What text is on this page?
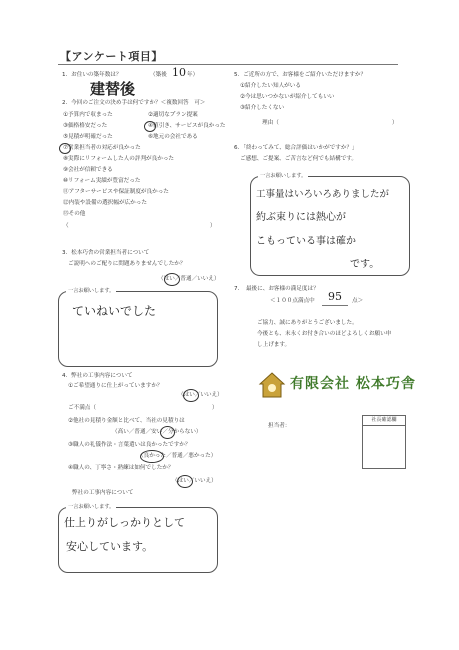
【アンケート項目】
1．お住いの築年数は？	（築後 10 年）
建替後
2．今回のご注文の決め手は何ですか？＜複数回答　可＞
①予算内で収まった	②適切なプラン提案
③価格格安だった	④値引き、サービスが良かった
⑤見積が明確だった	⑥地元の会社である
⑦営業担当者の対応が良かった
⑧実際にリフォームした人の評判が良かった
⑨会社が信頼できる
⑩リフォーム実績が豊富だった
⑪アフターサービスや保証制度が良かった
⑫内装や設備の選択幅が広かった
⑬その他
（	）
3．松本巧舎の営業担当者について
ご説明へのご配りに問題ありませんでしたか？
（はい／普通／いいえ）
一言お願いします。
ていねいでした
4．弊社の工事内容について
①ご希望通りに仕上がっていますか？
（はい／いいえ）
ご不満点（	）
②他社の見積り金額と比べて、当社の見積りは
（高い／普通／安い／分からない）
③職人の礼儀作法・言葉遣いは良かったですか？
（良かった／普通／悪かった）
④職人の、丁寧さ・熟練は如何でしたか？
（はい／いいえ）
弊社の工事内容について
一言お願いします。
仕上りがしっかりとして
安心しています。
5．ご近所の方で、お客様をご紹介いただけますか？
①紹介したい知人がいる
②今は思いつかないが紹介してもいい
③紹介したくない
理由（	）
6．「終わってみて、総合評価はいかがですか？」
ご感想、ご提案、ご苦言など何でも結構です。
一言お願いします。
工事量はいろいろありましたが
約ぶ束りには熱心が
こもっている事は確か
です。
7．　最後に、お客様の満足度は？
＜１００点満点中 95 点＞
ご協力、誠にありがとうございました。
今後とも、末永くお付き合いのほどよろしくお願い申
し上げます。
有限会社 松本巧舎
担当者：
社長確認欄
